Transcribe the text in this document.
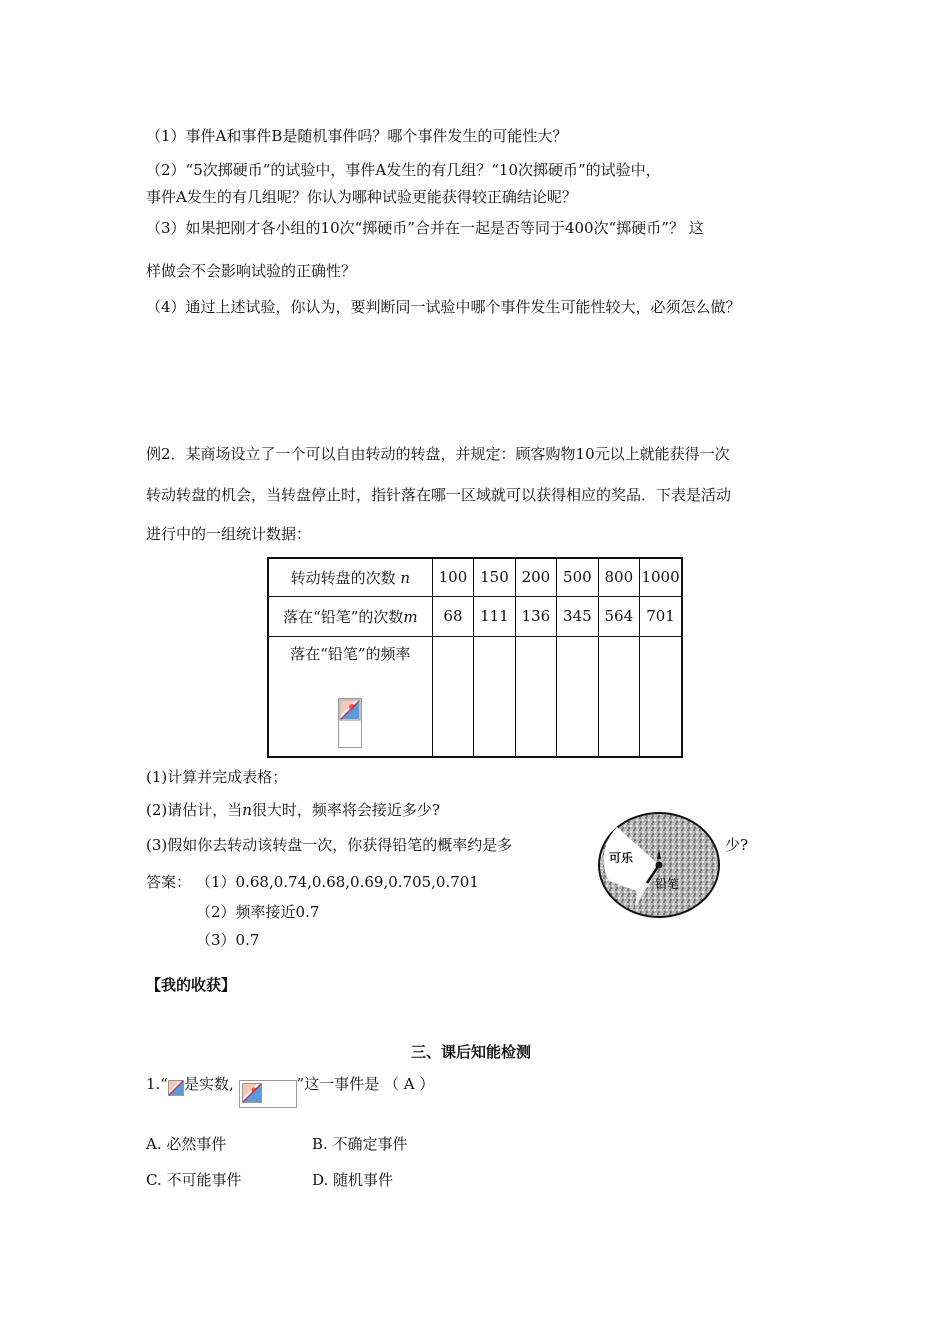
（1）事件A和事件B是随机事件吗？哪个事件发生的可能性大？
（2）“5次掷硬币”的试验中，事件A发生的有几组？“10次掷硬币”的试验中，
事件A发生的有几组呢？你认为哪种试验更能获得较正确结论呢？
（3）如果把刚才各小组的10次“掷硬币”合并在一起是否等同于400次“掷硬币”？ 这
样做会不会影响试验的正确性？
（4）通过上述试验，你认为，要判断同一试验中哪个事件发生可能性较大，必须怎么做？
例2．某商场设立了一个可以自由转动的转盘，并规定：顾客购物10元以上就能获得一次
转动转盘的机会，当转盘停止时，指针落在哪一区域就可以获得相应的奖品．下表是活动
进行中的一组统计数据：
转动转盘的次数 n	100	150	200	500	800	1000
落在“铅笔”的次数m	68	111	136	345	564	701

落在“铅笔”的频率						

(1)计算并完成表格；
(2)请估计，当n很大时，频率将会接近多少?
(3)假如你去转动该转盘一次，你获得铅笔的概率约是多	少?
可乐
铅笔
答案： （1）0.68,0.74,0.68,0.69,0.705,0.701
（2）频率接近0.7
（3）0.7
【我的收获】
三、课后知能检测
1.“ 是实数,	”这一事件是 （ A ）
A. 必然事件	B. 不确定事件
C. 不可能事件	D. 随机事件
